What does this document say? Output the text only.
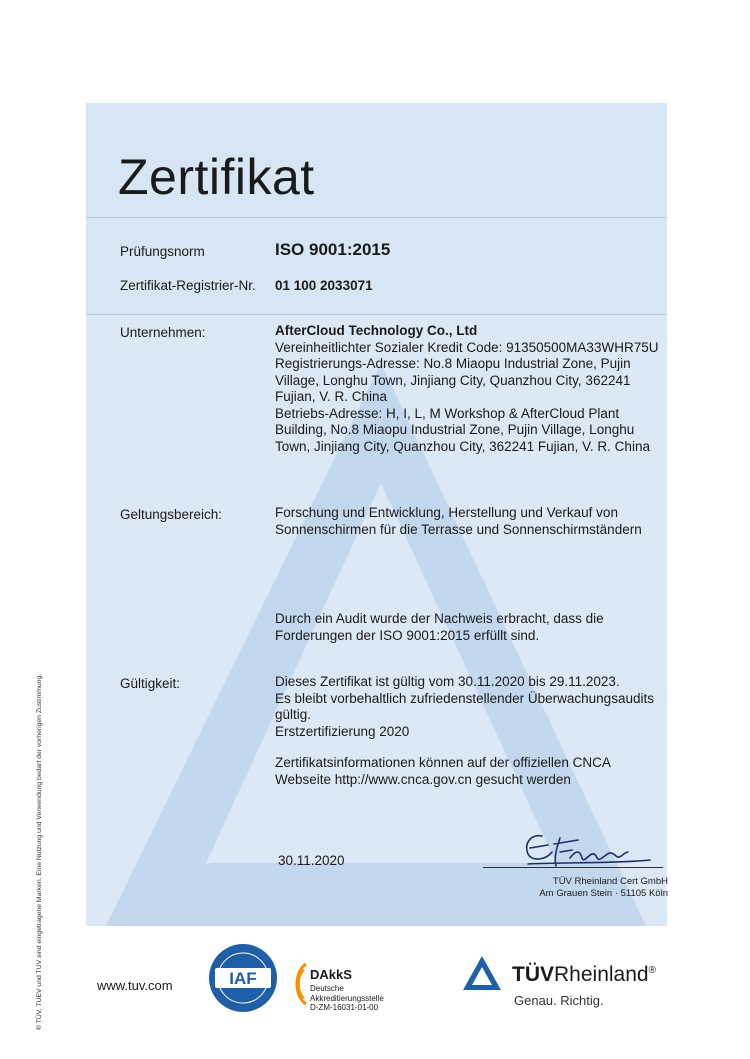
® TÜV, TUEV und TUV sind eingetragene Marken. Eine Nutzung und Verwendung bedarf der vorherigen Zustimmung.
Zertifikat
Prüfungsnorm	ISO 9001:2015
Zertifikat-Registrier-Nr. 01 100 2033071
Unternehmen:	AfterCloud Technology Co., Ltd
Vereinheitlichter Sozialer Kredit Code: 91350500MA33WHR75U
Registrierungs-Adresse: No.8 Miaopu Industrial Zone, Pujin
Village, Longhu Town, Jinjiang City, Quanzhou City, 362241
Fujian, V. R. China
Betriebs-Adresse: H, I, L, M Workshop & AfterCloud Plant
Building, No.8 Miaopu Industrial Zone, Pujin Village, Longhu
Town, Jinjiang City, Quanzhou City, 362241 Fujian, V. R. China
Geltungsbereich:	Forschung und Entwicklung, Herstellung und Verkauf von
Sonnenschirmen für die Terrasse und Sonnenschirmständern
Durch ein Audit wurde der Nachweis erbracht, dass die
Forderungen der ISO 9001:2015 erfüllt sind.
Gültigkeit:	Dieses Zertifikat ist gültig vom 30.11.2020 bis 29.11.2023.
Es bleibt vorbehaltlich zufriedenstellender Überwachungsaudits
gültig.
Erstzertifizierung 2020
Zertifikatsinformationen können auf der offiziellen CNCA
Webseite http://www.cnca.gov.cn gesucht werden
30.11.2020
TÜV Rheinland Cert GmbH
Am Grauen Stein · 51105 Köln
www.tuv.com	IAF	DAkkS
Deutsche
Akkreditierungsstelle
D-ZM-16031-01-00
TÜVRheinland®
Genau. Richtig.
